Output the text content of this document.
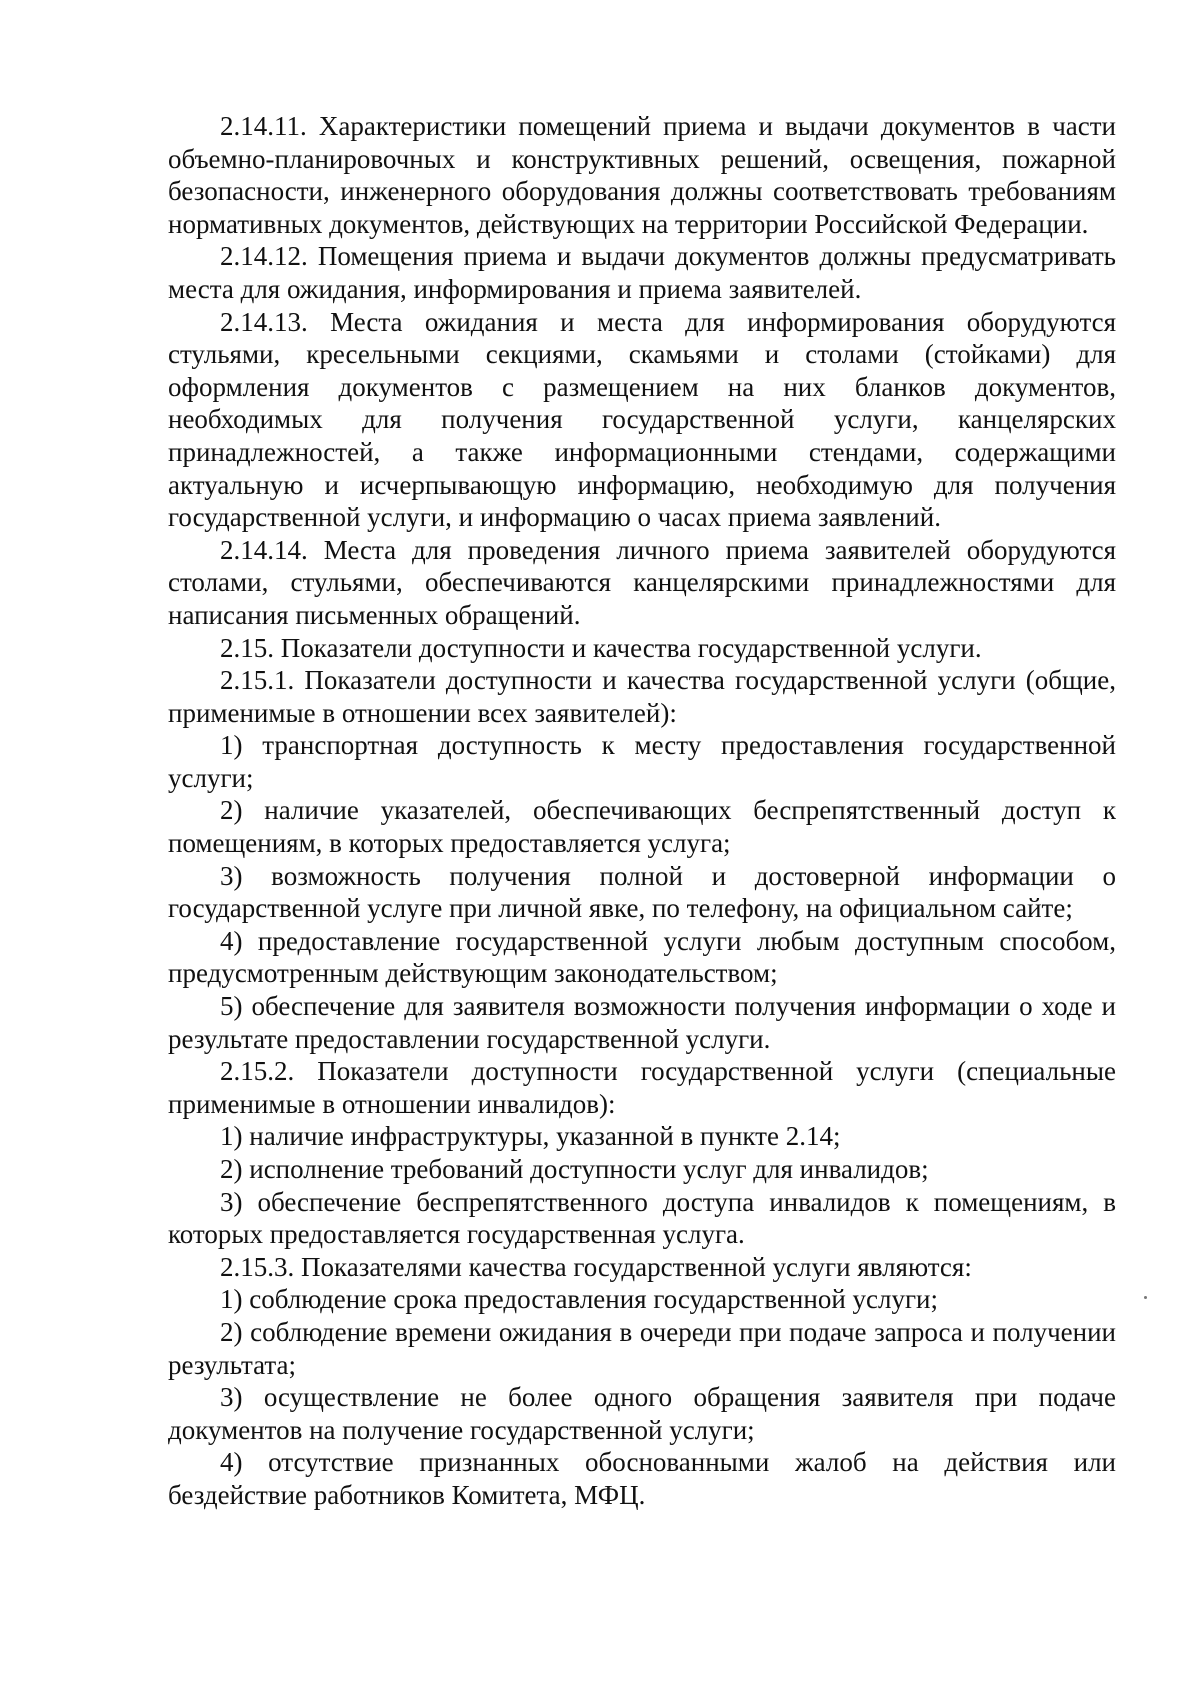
2.14.11. Характеристики помещений приема и выдачи документов в части объемно-планировочных и конструктивных решений, освещения, пожарной безопасности, инженерного оборудования должны соответствовать требованиям нормативных документов, действующих на территории Российской Федерации.

2.14.12. Помещения приема и выдачи документов должны предусматривать места для ожидания, информирования и приема заявителей.

2.14.13. Места ожидания и места для информирования оборудуются стульями, кресельными секциями, скамьями и столами (стойками) для оформления документов с размещением на них бланков документов, необходимых для получения государственной услуги, канцелярских принадлежностей, а также информационными стендами, содержащими актуальную и исчерпывающую информацию, необходимую для получения государственной услуги, и информацию о часах приема заявлений.

2.14.14. Места для проведения личного приема заявителей оборудуются столами, стульями, обеспечиваются канцелярскими принадлежностями для написания письменных обращений.

2.15. Показатели доступности и качества государственной услуги.

2.15.1. Показатели доступности и качества государственной услуги (общие, применимые в отношении всех заявителей):

1) транспортная доступность к месту предоставления государственной услуги;

2) наличие указателей, обеспечивающих беспрепятственный доступ к помещениям, в которых предоставляется услуга;

3) возможность получения полной и достоверной информации о государственной услуге при личной явке, по телефону, на официальном сайте;

4) предоставление государственной услуги любым доступным способом, предусмотренным действующим законодательством;

5) обеспечение для заявителя возможности получения информации о ходе и результате предоставлении государственной услуги.

2.15.2. Показатели доступности государственной услуги (специальные применимые в отношении инвалидов):

1) наличие инфраструктуры, указанной в пункте 2.14;

2) исполнение требований доступности услуг для инвалидов;

3) обеспечение беспрепятственного доступа инвалидов к помещениям, в которых предоставляется государственная услуга.

2.15.3. Показателями качества государственной услуги являются:

1) соблюдение срока предоставления государственной услуги;

2) соблюдение времени ожидания в очереди при подаче запроса и получении результата;

3) осуществление не более одного обращения заявителя при подаче документов на получение государственной услуги;

4) отсутствие признанных обоснованными жалоб на действия или бездействие работников Комитета, МФЦ.
